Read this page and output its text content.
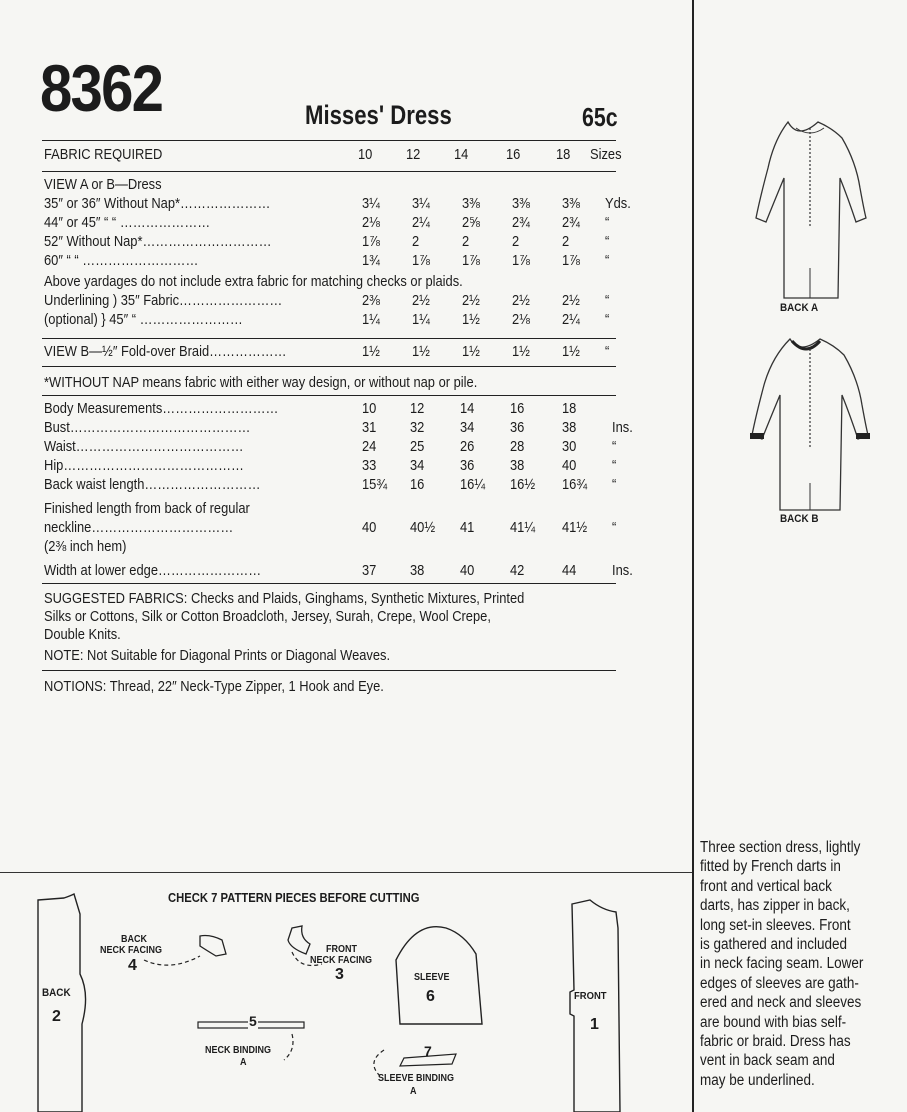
8362	Misses' Dress	65c
FABRIC REQUIRED	10 12 14	16 18 Sizes
VIEW A or B—Dress
35″ or 36″ Without Nap*…………………	3¼ 3¼ 3⅜ 3⅜ 3⅜ Yds.
44″ or 45″ “ “ …………………	2⅛ 2¼ 2⅝ 2¾ 2¾ “
52″ Without Nap*…………………………	1⅞ 2	2	2	2 “
60″ “ “ ………………………	1¾ 1⅞ 1⅞ 1⅞ 1⅞ “
Above yardages do not include extra fabric for matching checks or plaids.
Underlining ) 35″ Fabric……………………	2⅜ 2½ 2½ 2½ 2½ “
(optional) } 45″ “ ……………………	1¼ 1¼ 1½ 2⅛ 2¼ “
VIEW B—½″ Fold-over Braid………………	1½ 1½ 1½ 1½ 1½ “
*WITHOUT NAP means fabric with either way design, or without nap or pile.
Body Measurements………………………	10 12 14 16	18
Bust……………………………………	31 32 34 36	38 Ins.
Waist…………………………………	24 25 26 28	30 “
Hip……………………………………	33 34 36 38	40 “
Back waist length………………………	15¾ 16 16¼ 16½ 16¾ “
Finished length from back of regular
neckline……………………………	40 40½ 41 41¼ 41½ “
(2⅜ inch hem)
Width at lower edge……………………	37 38 40 42	44 Ins.
SUGGESTED FABRICS: Checks and Plaids, Ginghams, Synthetic Mixtures, Printed
Silks or Cottons, Silk or Cotton Broadcloth, Jersey, Surah, Crepe, Wool Crepe,
Double Knits.
NOTE: Not Suitable for Diagonal Prints or Diagonal Weaves.
NOTIONS: Thread, 22″ Neck-Type Zipper, 1 Hook and Eye.
BACK A
BACK B
Three section dress, lightly
fitted by French darts in
front and vertical back
darts, has zipper in back,
long set-in sleeves. Front
is gathered and included
in neck facing seam. Lower
edges of sleeves are gath-
ered and neck and sleeves
are bound with bias self-
fabric or braid. Dress has
vent in back seam and
may be underlined.
CHECK 7 PATTERN PIECES BEFORE CUTTING
BACK
2
BACK
NECK FACING
4
FRONT
NECK FACING
3	SLEEVE
6	FRONT
1
5
NECK BINDING
A
7
SLEEVE BINDING
A
